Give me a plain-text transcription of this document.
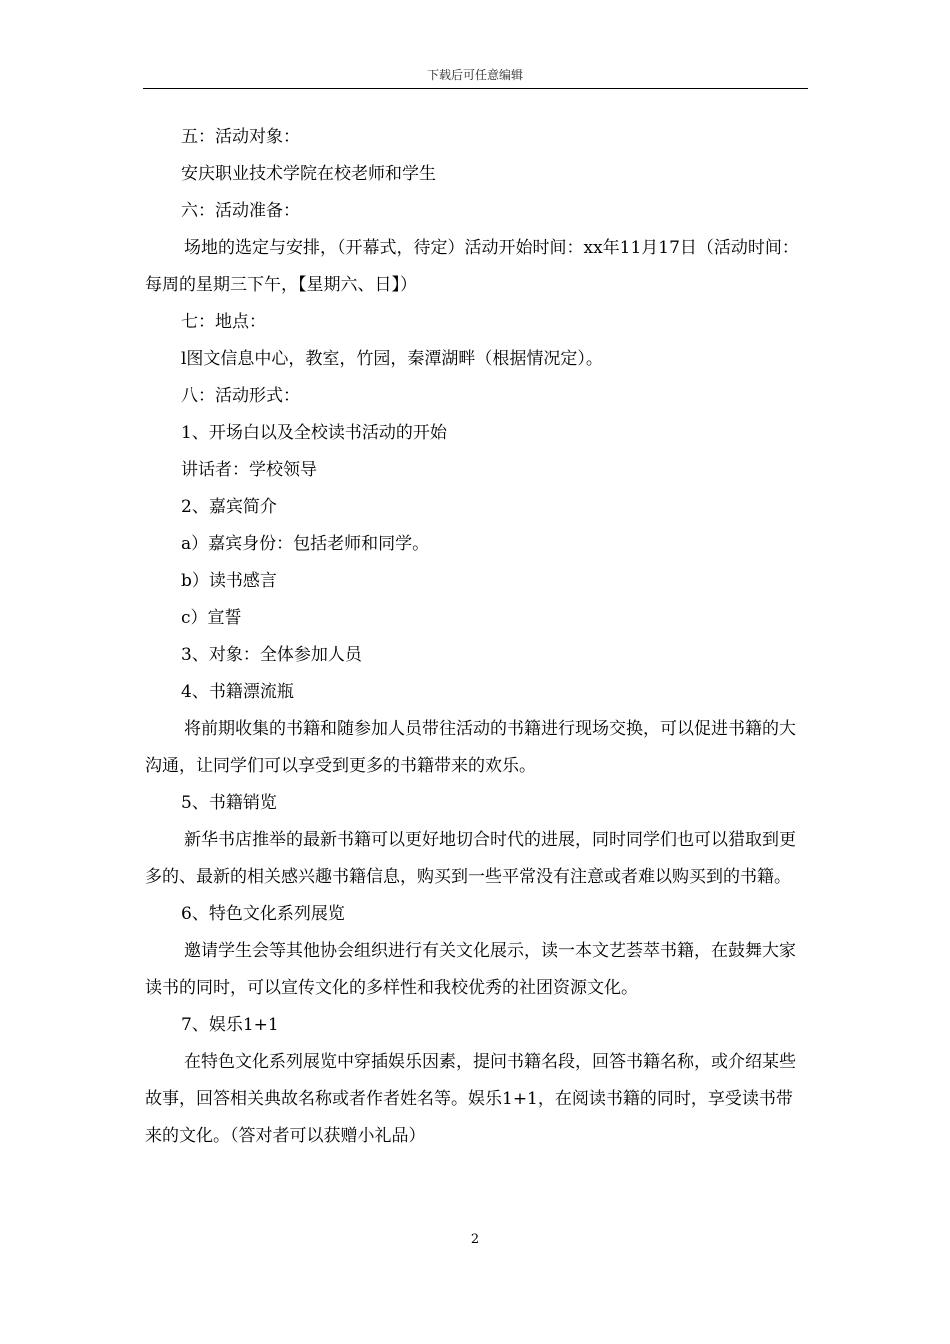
下载后可任意编辑

五：活动对象：

安庆职业技术学院在校老师和学生

六：活动准备：

场地的选定与安排，（开幕式，待定）活动开始时间：xx年11月17日（活动时间：每周的星期三下午，【星期六、日】）

七：地点：

l图文信息中心，教室，竹园，秦潭湖畔（根据情况定）。

八：活动形式：

1、开场白以及全校读书活动的开始

讲话者：学校领导

2、嘉宾简介

a）嘉宾身份：包括老师和同学。

b）读书感言

c）宣誓

3、对象：全体参加人员

4、书籍漂流瓶

将前期收集的书籍和随参加人员带往活动的书籍进行现场交换，可以促进书籍的大沟通，让同学们可以享受到更多的书籍带来的欢乐。

5、书籍销览

新华书店推举的最新书籍可以更好地切合时代的进展，同时同学们也可以猎取到更多的、最新的相关感兴趣书籍信息，购买到一些平常没有注意或者难以购买到的书籍。

6、特色文化系列展览

邀请学生会等其他协会组织进行有关文化展示，读一本文艺荟萃书籍，在鼓舞大家读书的同时，可以宣传文化的多样性和我校优秀的社团资源文化。

7、娱乐1+1

在特色文化系列展览中穿插娱乐因素，提问书籍名段，回答书籍名称，或介绍某些故事，回答相关典故名称或者作者姓名等。娱乐1+1，在阅读书籍的同时，享受读书带来的文化。（答对者可以获赠小礼品）

2
